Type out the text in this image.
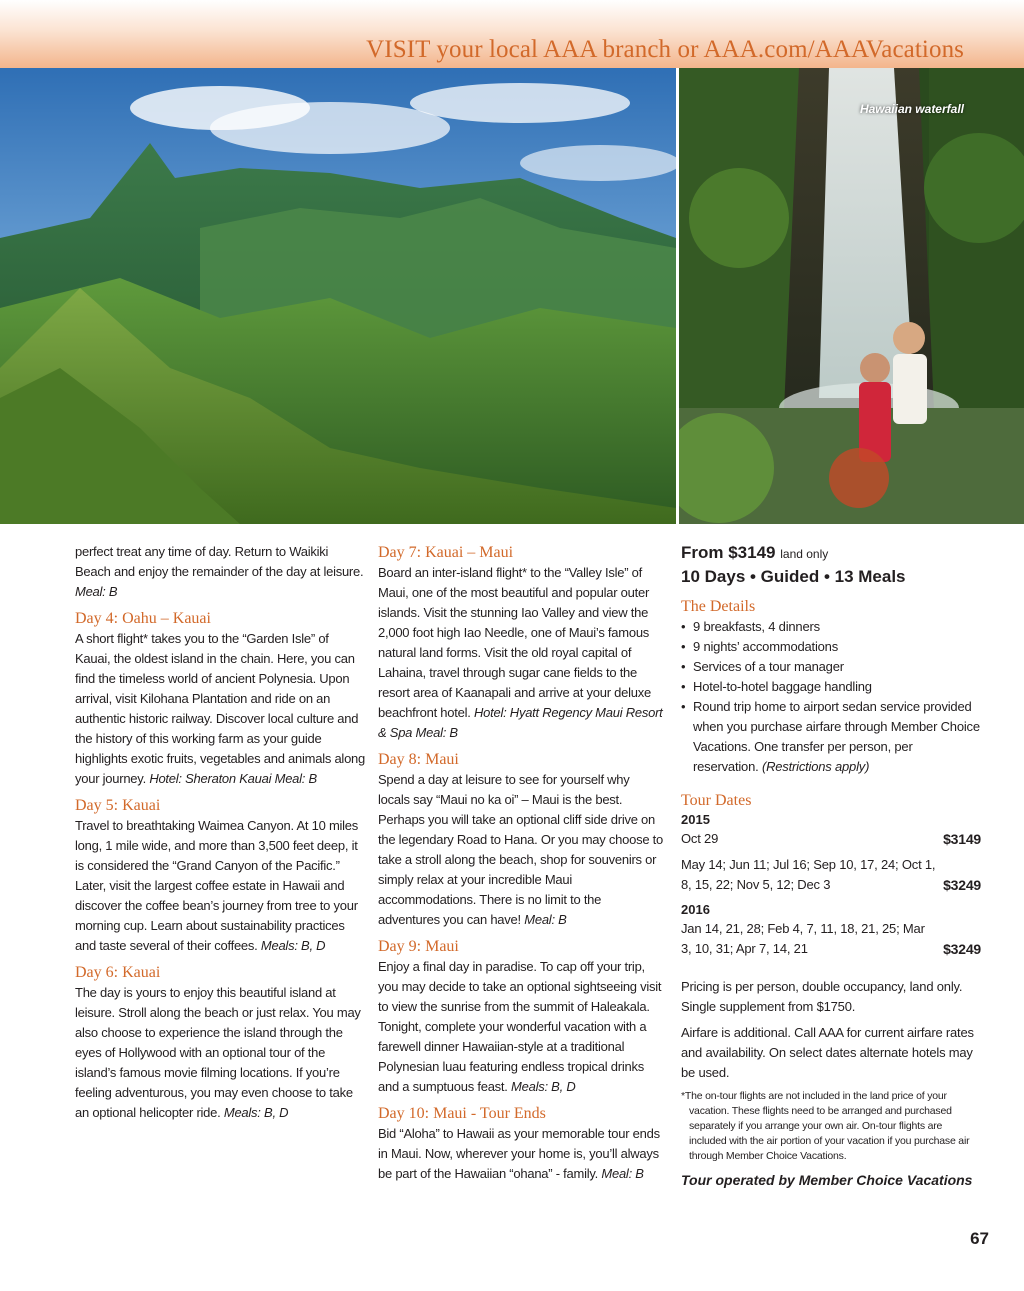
VISIT your local AAA branch or AAA.com/AAAVacations
Hawaiian waterfall

perfect treat any time of day. Return to Waikiki Beach and enjoy the remainder of the day at leisure. Meal: B

Day 4: Oahu – Kauai

A short flight* takes you to the “Garden Isle” of Kauai, the oldest island in the chain. Here, you can find the timeless world of ancient Polynesia. Upon arrival, visit Kilohana Plantation and ride on an authentic historic railway. Discover local culture and the history of this working farm as your guide highlights exotic fruits, vegetables and animals along your journey. Hotel: Sheraton Kauai Meal: B

Day 5: Kauai

Travel to breathtaking Waimea Canyon. At 10 miles long, 1 mile wide, and more than 3,500 feet deep, it is considered the “Grand Canyon of the Pacific.” Later, visit the largest coffee estate in Hawaii and discover the coffee bean’s journey from tree to your morning cup. Learn about sustainability practices and taste several of their coffees. Meals: B, D

Day 6: Kauai

The day is yours to enjoy this beautiful island at leisure. Stroll along the beach or just relax. You may also choose to experience the island through the eyes of Hollywood with an optional tour of the island’s famous movie filming locations. If you’re feeling adventurous, you may even choose to take an optional helicopter ride. Meals: B, D

Day 7: Kauai – Maui

Board an inter-island flight* to the “Valley Isle” of Maui, one of the most beautiful and popular outer islands. Visit the stunning Iao Valley and view the 2,000 foot high Iao Needle, one of Maui’s famous natural land forms. Visit the old royal capital of Lahaina, travel through sugar cane fields to the resort area of Kaanapali and arrive at your deluxe beachfront hotel. Hotel: Hyatt Regency Maui Resort & Spa Meal: B

Day 8: Maui

Spend a day at leisure to see for yourself why locals say “Maui no ka oi” – Maui is the best. Perhaps you will take an optional cliff side drive on the legendary Road to Hana. Or you may choose to take a stroll along the beach, shop for souvenirs or simply relax at your incredible Maui accommodations. There is no limit to the adventures you can have! Meal: B

Day 9: Maui

Enjoy a final day in paradise. To cap off your trip, you may decide to take an optional sightseeing visit to view the sunrise from the summit of Haleakala. Tonight, complete your wonderful vacation with a farewell dinner Hawaiian-style at a traditional Polynesian luau featuring endless tropical drinks and a sumptuous feast. Meals: B, D

Day 10: Maui - Tour Ends

Bid “Aloha” to Hawaii as your memorable tour ends in Maui. Now, wherever your home is, you’ll always be part of the Hawaiian “ohana” - family. Meal: B

From $3149 land only

10 Days • Guided • 13 Meals

The Details
• 9 breakfasts, 4 dinners
• 9 nights’ accommodations
• Services of a tour manager
• Hotel-to-hotel baggage handling
• Round trip home to airport sedan service provided when you purchase airfare through Member Choice Vacations. One transfer per person, per reservation. (Restrictions apply)
Tour Dates

2015

Oct 29	$3149
May 14; Jun 11; Jul 16; Sep 10, 17, 24; Oct 1, 8, 15, 22; Nov 5, 12; Dec 3	$3249

2016

Jan 14, 21, 28; Feb 4, 7, 11, 18, 21, 25; Mar 3, 10, 31; Apr 7, 14, 21	$3249

Pricing is per person, double occupancy, land only. Single supplement from $1750.

Airfare is additional. Call AAA for current airfare rates and availability. On select dates alternate hotels may be used.

*The on-tour flights are not included in the land price of your vacation. These flights need to be arranged and purchased separately if you arrange your own air. On-tour flights are included with the air portion of your vacation if you purchase air through Member Choice Vacations.

Tour operated by Member Choice Vacations

67
